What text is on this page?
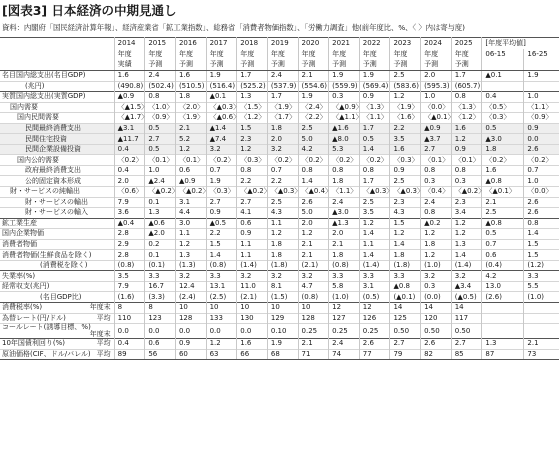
[図表3] 日本経済の中期見通し
資料：内閣府「国民経済計算年報」、経済産業省「鉱工業指数」、総務省「消費者物価指数」、「労働力調査」他(前年度比、%、〈 〉内は寄与度)
	2014	2015	2016	2017	2018	2019	2020	2021	2022	2023	2024	2025	[年度平均値]	
	年度	年度	年度	年度	年度	年度	年度	年度	年度	年度	年度	年度	06-15	16-25
	実績	予測	予測	予測	予測	予測	予測	予測	予測	予測	予測	予測		
名目国内総支出(名目GDP)	1.6	2.4	1.6	1.9	1.7	2.4	2.1	1.9	1.9	2.5	2.0	1.7	▲0.1	1.9
(兆円)	(490.8)	(502.4)	(510.5)	(516.4)	(525.2)	(537.9)	(554.6)	(559.9)	(569.4)	(583.6)	(595.3)	(605.7)		
実質国内総支出(実質GDP)	▲0.9	0.8	1.8	▲0.1	1.3	1.7	1.9	0.3	0.9	1.2	1.0	0.8	0.4	1.0
国内需要	〈▲1.5〉	〈1.0〉	〈2.0〉	〈▲0.3〉	〈1.5〉	〈1.9〉	〈2.4〉	〈▲0.9〉	〈1.3〉	〈1.9〉	〈0.0〉	〈1.3〉	〈0.5〉	〈1.1〉
国内民間需要	〈▲1.7〉	〈0.9〉	〈1.9〉	〈▲0.6〉	〈1.2〉	〈1.7〉	〈2.2〉	〈▲1.1〉	〈1.1〉	〈1.6〉	〈▲0.1〉	〈1.2〉	〈0.3〉	〈0.9〉
民間最終消費支出	▲3.1	0.5	2.1	▲1.4	1.5	1.8	2.5	▲1.6	1.7	2.2	▲0.9	1.6	0.5	0.9
民間住宅投資	▲11.7	2.7	5.2	▲7.4	2.3	2.0	5.0	▲8.0	0.5	3.5	▲3.7	1.2	▲3.0	0.0
民間企業設備投資	0.4	0.5	1.2	3.2	1.2	3.2	4.2	5.3	1.4	1.6	2.7	0.9	1.8	2.6
国内公的需要	〈0.2〉	〈0.1〉	〈0.1〉	〈0.2〉	〈0.3〉	〈0.2〉	〈0.2〉	〈0.2〉	〈0.2〉	〈0.3〉	〈0.1〉	〈0.1〉	〈0.2〉	〈0.2〉
政府最終消費支出	0.4	1.0	0.6	0.7	0.8	0.7	0.8	0.8	0.8	0.9	0.8	0.8	1.6	0.7
公的固定資本形成	2.0	▲2.4	▲0.9	1.9	2.2	2.2	1.4	1.8	1.7	2.5	0.3	0.3	▲0.8	1.0
財・サービスの純輸出	〈0.6〉	〈▲0.2〉	〈▲0.2〉	〈0.3〉	〈▲0.2〉	〈▲0.3〉	〈▲0.4〉	〈1.1〉	〈▲0.3〉	〈▲0.3〉	〈0.4〉	〈▲0.2〉	〈▲0.1〉	〈0.0〉
財・サービスの輸出	7.9	0.1	3.1	2.7	2.7	2.5	2.6	2.4	2.5	2.3	2.4	2.3	2.1	2.6
財・サービスの輸入	3.6	1.3	4.4	0.9	4.1	4.3	5.0	▲3.0	3.5	4.3	0.8	3.4	2.5	2.6
鉱工業生産	▲0.4	▲0.6	3.0	▲0.5	0.6	1.1	2.0	▲1.3	1.2	1.5	▲0.2	1.2	▲0.8	0.8
国内企業物価	2.8	▲2.0	1.1	2.2	0.9	1.2	1.2	2.0	1.4	1.2	1.2	1.2	0.5	1.4
消費者物価	2.9	0.2	1.2	1.5	1.1	1.8	2.1	2.1	1.1	1.4	1.8	1.3	0.7	1.5
消費者物価(生鮮食品を除く)	2.8	0.1	1.3	1.4	1.1	1.8	2.1	1.8	1.4	1.8	1.2	1.4	0.6	1.5
(消費税を除く)	(0.8)	(0.1)	(1.3)	(0.8)	(1.4)	(1.8)	(2.1)	(0.8)	(1.4)	(1.8)	(1.0)	(1.4)	(0.4)	(1.2)
失業率(%)	3.5	3.3	3.2	3.3	3.2	3.2	3.2	3.3	3.3	3.3	3.2	3.2	4.2	3.3
経常収支(兆円)	7.9	16.7	12.4	13.1	11.0	8.1	4.7	5.8	3.1	▲0.8	0.3	▲3.4	13.0	5.5
(名目GDP比)	(1.6)	(3.3)	(2.4)	(2.5)	(2.1)	(1.5)	(0.8)	(1.0)	(0.5)	(▲0.1)	(0.0)	(▲0.5)	(2.6)	(1.0)
消費税率(%) 年度末	8	8	10	10	10	10	10	12	12	14	14	14		
為替レート(円/ドル) 平均	110	123	128	133	130	129	128	127	126	125	120	117		
コールレート(誘導目標、%)
年度末	0.0	0.0	0.0	0.0	0.0	0.10	0.25	0.25	0.25	0.50	0.50	0.50		
10年国債利回り(%) 平均	0.4	0.6	0.9	1.2	1.6	1.9	2.1	2.4	2.6	2.7	2.6	2.7	1.3	2.1
原油価格(CIF、ドル/バレル) 平均	89	56	60	63	66	68	71	74	77	79	82	85	87	73
